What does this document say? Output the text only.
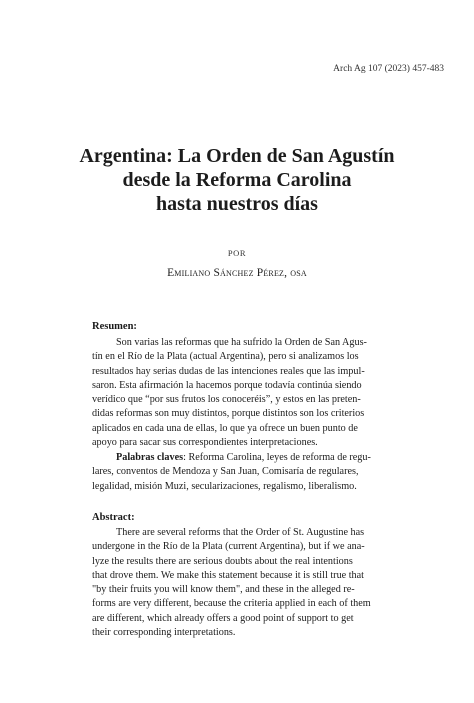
Arch Ag 107 (2023) 457-483
Argentina: La Orden de San Agustín
desde la Reforma Carolina
hasta nuestros días
POR
Emiliano Sánchez Pérez, osa
Resumen:
Son varias las reformas que ha sufrido la Orden de San Agus-
tín en el Río de la Plata (actual Argentina), pero si analizamos los
resultados hay serias dudas de las intenciones reales que las impul-
saron. Esta afirmación la hacemos porque todavía continúa siendo
verídico que “por sus frutos los conoceréis”, y estos en las preten-
didas reformas son muy distintos, porque distintos son los criterios
aplicados en cada una de ellas, lo que ya ofrece un buen punto de
apoyo para sacar sus correspondientes interpretaciones.
Palabras claves: Reforma Carolina, leyes de reforma de regu-
lares, conventos de Mendoza y San Juan, Comisaría de regulares,
legalidad, misión Muzi, secularizaciones, regalismo, liberalismo.
Abstract:
There are several reforms that the Order of St. Augustine has
undergone in the Río de la Plata (current Argentina), but if we ana-
lyze the results there are serious doubts about the real intentions
that drove them. We make this statement because it is still true that
"by their fruits you will know them", and these in the alleged re-
forms are very different, because the criteria applied in each of them
are different, which already offers a good point of support to get
their corresponding interpretations.
